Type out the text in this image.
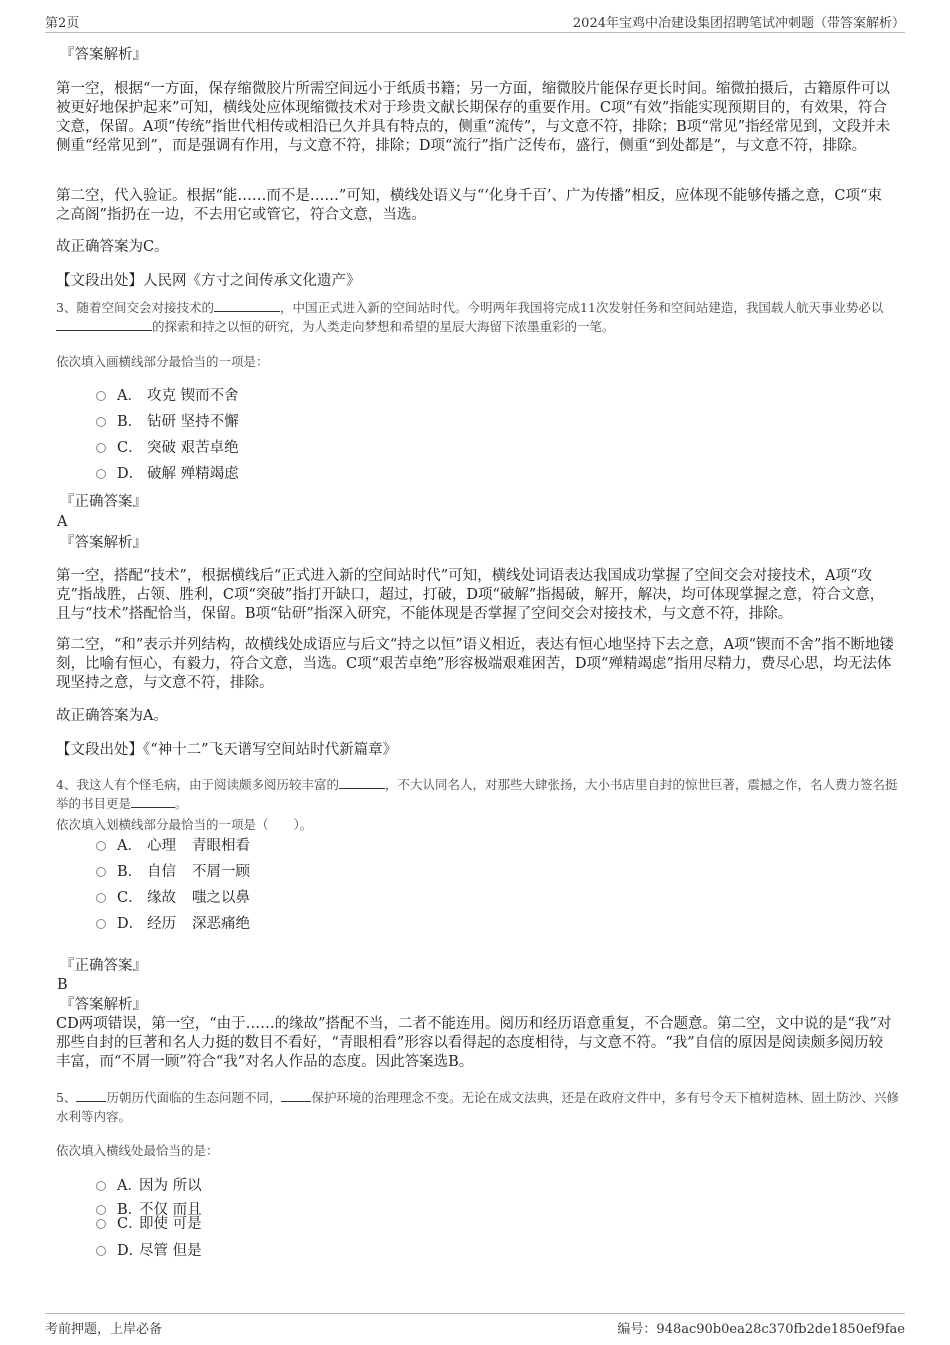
第2页	2024年宝鸡中冶建设集团招聘笔试冲刺题（带答案解析）
『答案解析』
第一空，根据“一方面，保存缩微胶片所需空间远小于纸质书籍；另一方面，缩微胶片能保存更长时间。缩微拍摄后，古籍原件可以被更好地保护起来”可知，横线处应体现缩微技术对于珍贵文献长期保存的重要作用。C项“有效”指能实现预期目的，有效果，符合文意，保留。A项“传统”指世代相传或相沿已久并具有特点的，侧重“流传”，与文意不符，排除；B项“常见”指经常见到，文段并未侧重“经常见到”，而是强调有作用，与文意不符，排除；D项“流行”指广泛传布，盛行，侧重“到处都是”，与文意不符，排除。
第二空，代入验证。根据“能……而不是……”可知，横线处语义与“‘化身千百’、广为传播”相反，应体现不能够传播之意，C项“束之高阁”指扔在一边，不去用它或管它，符合文意，当选。
故正确答案为C。
【文段出处】人民网《方寸之间传承文化遗产》
3、随着空间交会对接技术的	，中国正式进入新的空间站时代。今明两年我国将完成11次发射任务和空间站建造，我国载人航天事业势必以的探索和持之以恒的研究，为人类走向梦想和希望的星辰大海留下浓墨重彩的一笔。
依次填入画横线部分最恰当的一项是：
A． 攻克 锲而不舍
B． 钻研 坚持不懈
C． 突破 艰苦卓绝
D． 破解 殚精竭虑
『正确答案』
A
『答案解析』
第一空，搭配“技术”，根据横线后“正式进入新的空间站时代”可知，横线处词语表达我国成功掌握了空间交会对接技术，A项“攻克”指战胜，占领、胜利，C项“突破”指打开缺口，超过，打破，D项“破解”指揭破，解开，解决，均可体现掌握之意，符合文意，且与“技术”搭配恰当，保留。B项“钻研”指深入研究，不能体现是否掌握了空间交会对接技术，与文意不符，排除。
第二空，“和”表示并列结构，故横线处成语应与后文“持之以恒”语义相近，表达有恒心地坚持下去之意，A项“锲而不舍”指不断地镂刻，比喻有恒心，有毅力，符合文意，当选。C项“艰苦卓绝”形容极端艰难困苦，D项“殚精竭虑”指用尽精力，费尽心思，均无法体现坚持之意，与文意不符，排除。
故正确答案为A。
【文段出处】《“神十二”飞天谱写空间站时代新篇章》
4、我这人有个怪毛病，由于阅读颇多阅历较丰富的	，不大认同名人，对那些大肆张扬，大小书店里自封的惊世巨著，震撼之作，名人费力签名挺举的书目更是	。
依次填入划横线部分最恰当的一项是（　　）。
A． 心理 青眼相看
B． 自信 不屑一顾
C． 缘故 嗤之以鼻
D． 经历 深恶痛绝
『正确答案』
B
『答案解析』
CD两项错误，第一空，“由于……的缘故”搭配不当，二者不能连用。阅历和经历语意重复，不合题意。第二空，文中说的是“我”对那些自封的巨著和名人力挺的数目不看好，“青眼相看”形容以看得起的态度相待，与文意不符。“我”自信的原因是阅读颇多阅历较丰富，而“不屑一顾”符合“我”对名人作品的态度。因此答案选B。
5、 历朝历代面临的生态问题不同， 保护环境的治理理念不变。无论在成文法典，还是在政府文件中，多有号令天下植树造林、固土防沙、兴修水利等内容。
依次填入横线处最恰当的是：
A．因为 所以
B．不仅 而且
C．即使 可是
D．尽管 但是
考前押题，上岸必备	编号：948ac90b0ea28c370fb2de1850ef9fae
